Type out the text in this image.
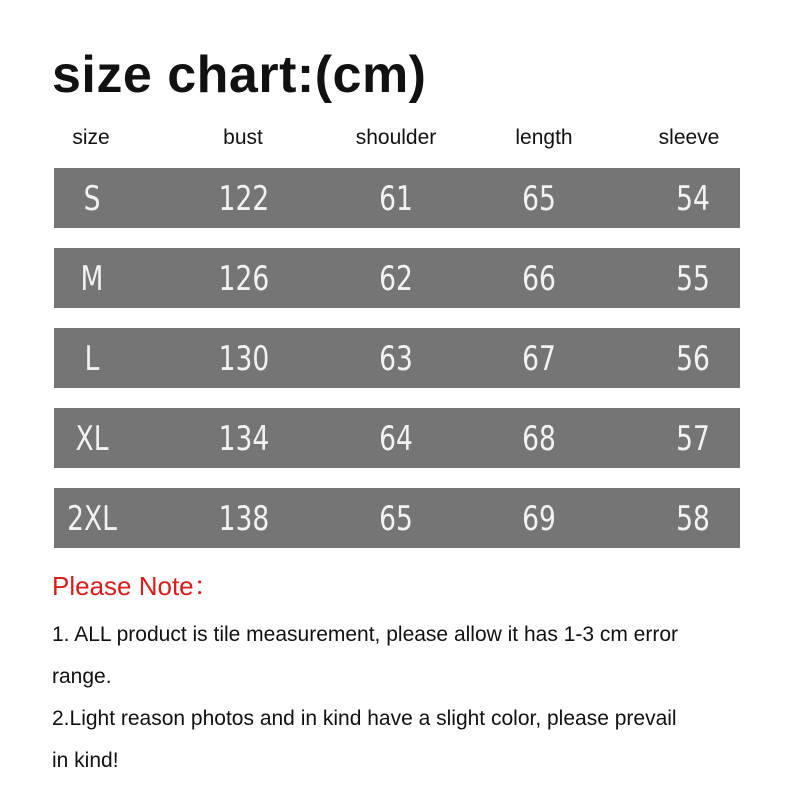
size chart:(cm)
size	bust	shoulder	length	sleeve
S	122	61	65	54
M	126	62	66	55
L	130	63	67	56
XL	134	64	68	57
2XL	138	65	69	58
Please Note：
1. ALL product is tile measurement, please allow it has 1-3 cm error
range.
2.Light reason photos and in kind have a slight color, please prevail
in kind!
